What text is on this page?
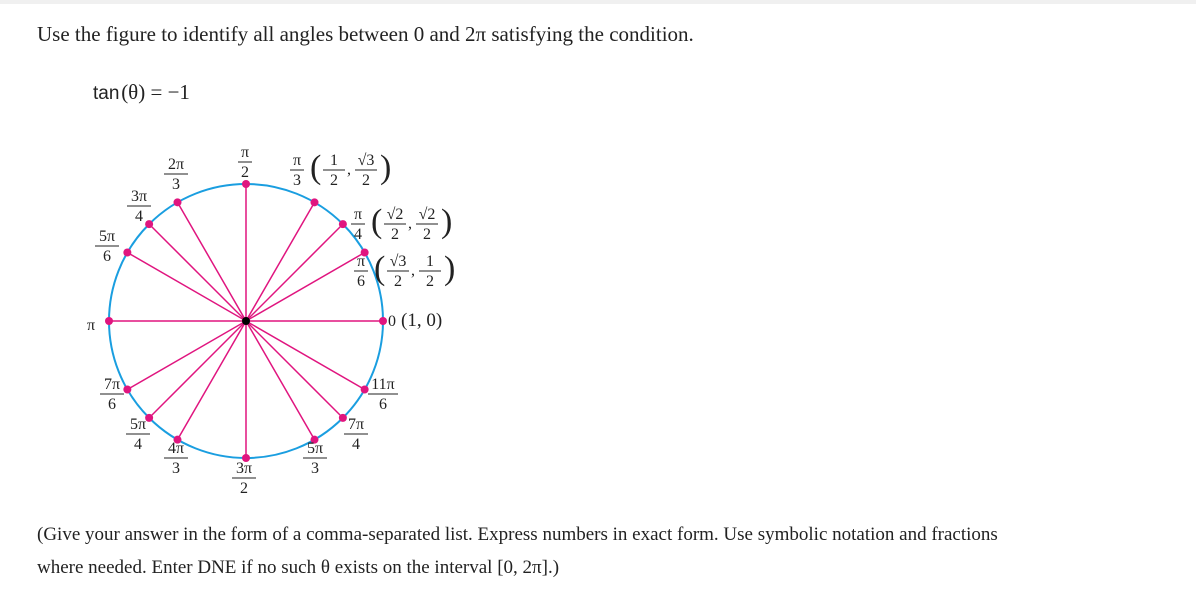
Use the figure to identify all angles between 0 and 2π satisfying the condition.
tan (θ) = −1
0 (1, 0)
π
6 ( √3
2
,
1
2 )
π
4 ( √2
2
,
√2
2 )
π
3 ( 1
2
,
√3
2 )
π
2
2π
3
3π
4
5π
6
π
7π
6
5π
4 4π
3	3π
2
5π
3
7π
4
11π
6
(Give your answer in the form of a comma-separated list. Express numbers in exact form. Use symbolic notation and fractions
where needed. Enter DNE if no such θ exists on the interval [0, 2π].)
